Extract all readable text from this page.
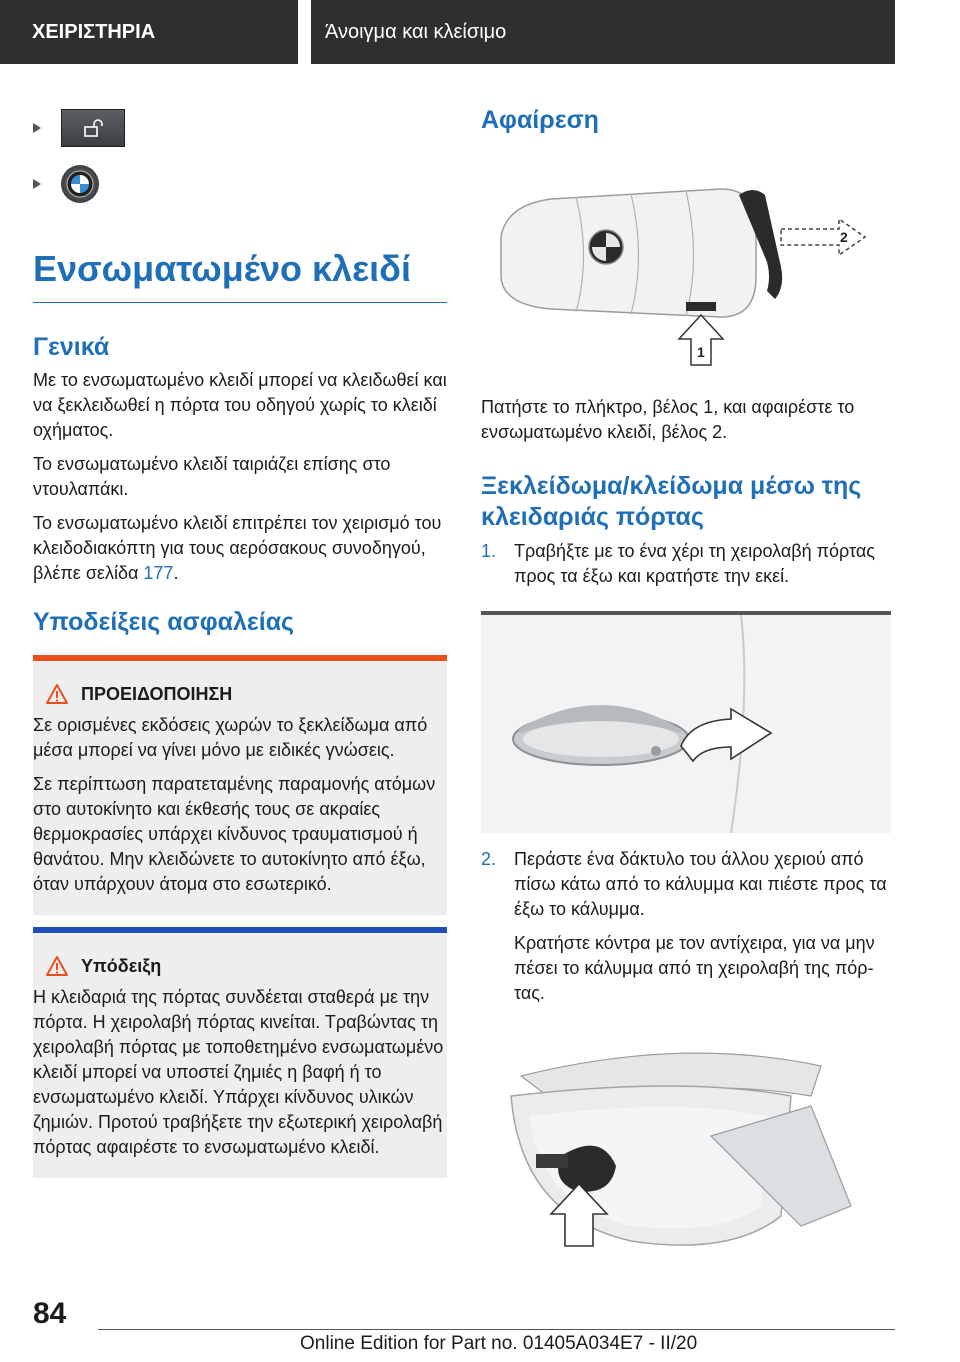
ΧΕΙΡΙΣΤΗΡΙΑ	Άνοιγμα και κλείσιμο
Ενσωματωμένο κλειδί
Γενικά

Με το ενσωματωμένο κλειδί μπορεί να κλειδωθεί και να ξεκλειδωθεί η πόρτα του οδηγού χωρίς το κλειδί οχήματος.

Το ενσωματωμένο κλειδί ταιριάζει επίσης στο ντουλαπάκι.

Το ενσωματωμένο κλειδί επιτρέπει τον χειρισμό του κλειδοδιακόπτη για τους αερόσακους συνοδηγού, βλέπε σελίδα 177.

Υποδείξεις ασφαλείας
ΠΡΟΕΙΔΟΠΟΙΗΣΗ

Σε ορισμένες εκδόσεις χωρών το ξεκλείδωμα από μέσα μπορεί να γίνει μόνο με ειδικές γνώσεις.

Σε περίπτωση παρατεταμένης παραμονής ατόμων στο αυτοκίνητο και έκθεσής τους σε ακραίες θερμοκρασίες υπάρχει κίνδυνος τραυματισμού ή θανάτου. Μην κλειδώνετε το αυτοκίνητο από έξω, όταν υπάρχουν άτομα στο εσωτερικό.

Υπόδειξη

Η κλειδαριά της πόρτας συνδέεται σταθερά με την πόρτα. Η χειρολαβή πόρτας κινείται. Τραβώντας τη χειρολαβή πόρτας με τοποθετημένο ενσωματωμένο κλειδί μπορεί να υποστεί ζημιές η βαφή ή το ενσωματωμένο κλειδί. Υπάρχει κίνδυνος υλικών ζημιών. Προτού τραβήξετε την εξωτερική χειρολαβή πόρτας αφαιρέστε το ενσωματωμένο κλειδί.

Αφαίρεση
2
1

Πατήστε το πλήκτρο, βέλος 1, και αφαιρέστε το ενσωματωμένο κλειδί, βέλος 2.

Ξεκλείδωμα/κλείδωμα μέσω της κλειδαριάς πόρτας
1. Τραβήξτε με το ένα χέρι τη χειρολαβή πόρτας προς τα έξω και κρατήστε την εκεί.

2. Περάστε ένα δάκτυλο του άλλου χεριού από πίσω κάτω από το κάλυμμα και πιέστε προς τα έξω το κάλυμμα.

Κρατήστε κόντρα με τον αντίχειρα, για να μην πέσει το κάλυμμα από τη χειρολαβή της πόρτας.

84
Online Edition for Part no. 01405A034E7 - II/20
